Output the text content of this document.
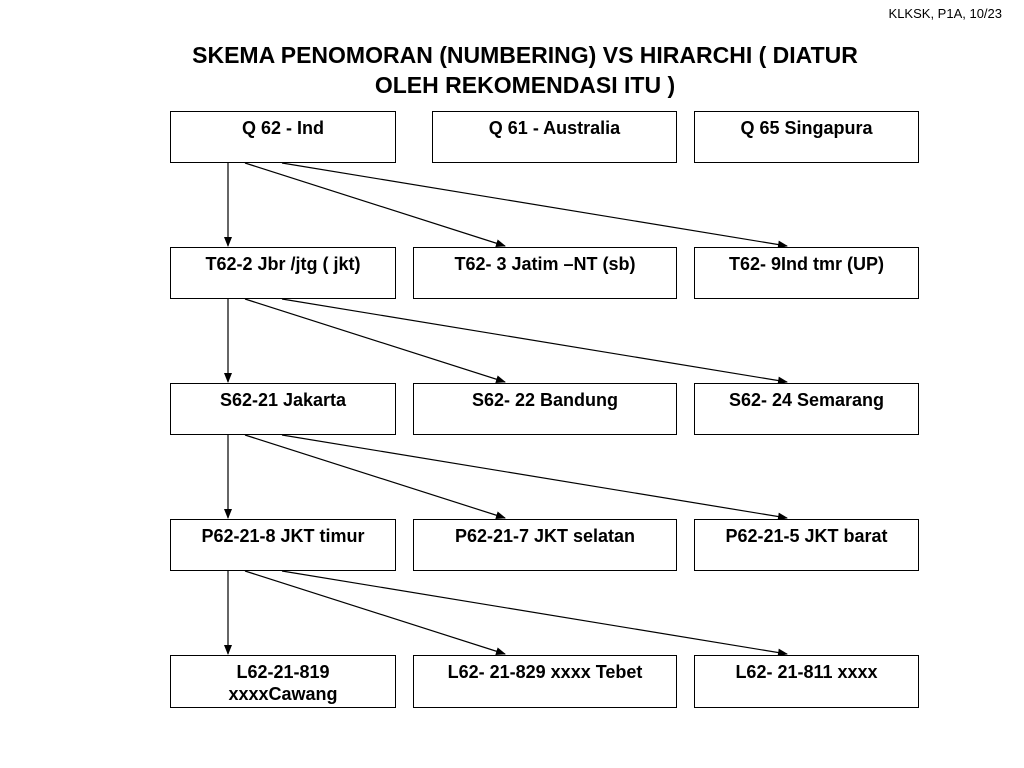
KLKSK, P1A, 10/23
SKEMA PENOMORAN (NUMBERING) VS HIRARCHI ( DIATUR
OLEH REKOMENDASI ITU )
Q 62 - Ind	Q 61 - Australia	Q 65 Singapura
T62-2 Jbr /jtg ( jkt)	T62- 3 Jatim –NT (sb)	T62- 9Ind tmr (UP)
S62-21 Jakarta	S62- 22 Bandung	S62- 24 Semarang
P62-21-8 JKT timur	P62-21-7 JKT selatan	P62-21-5 JKT barat
L62-21-819
xxxxCawang
L62- 21-829 xxxx Tebet	L62- 21-811 xxxx
